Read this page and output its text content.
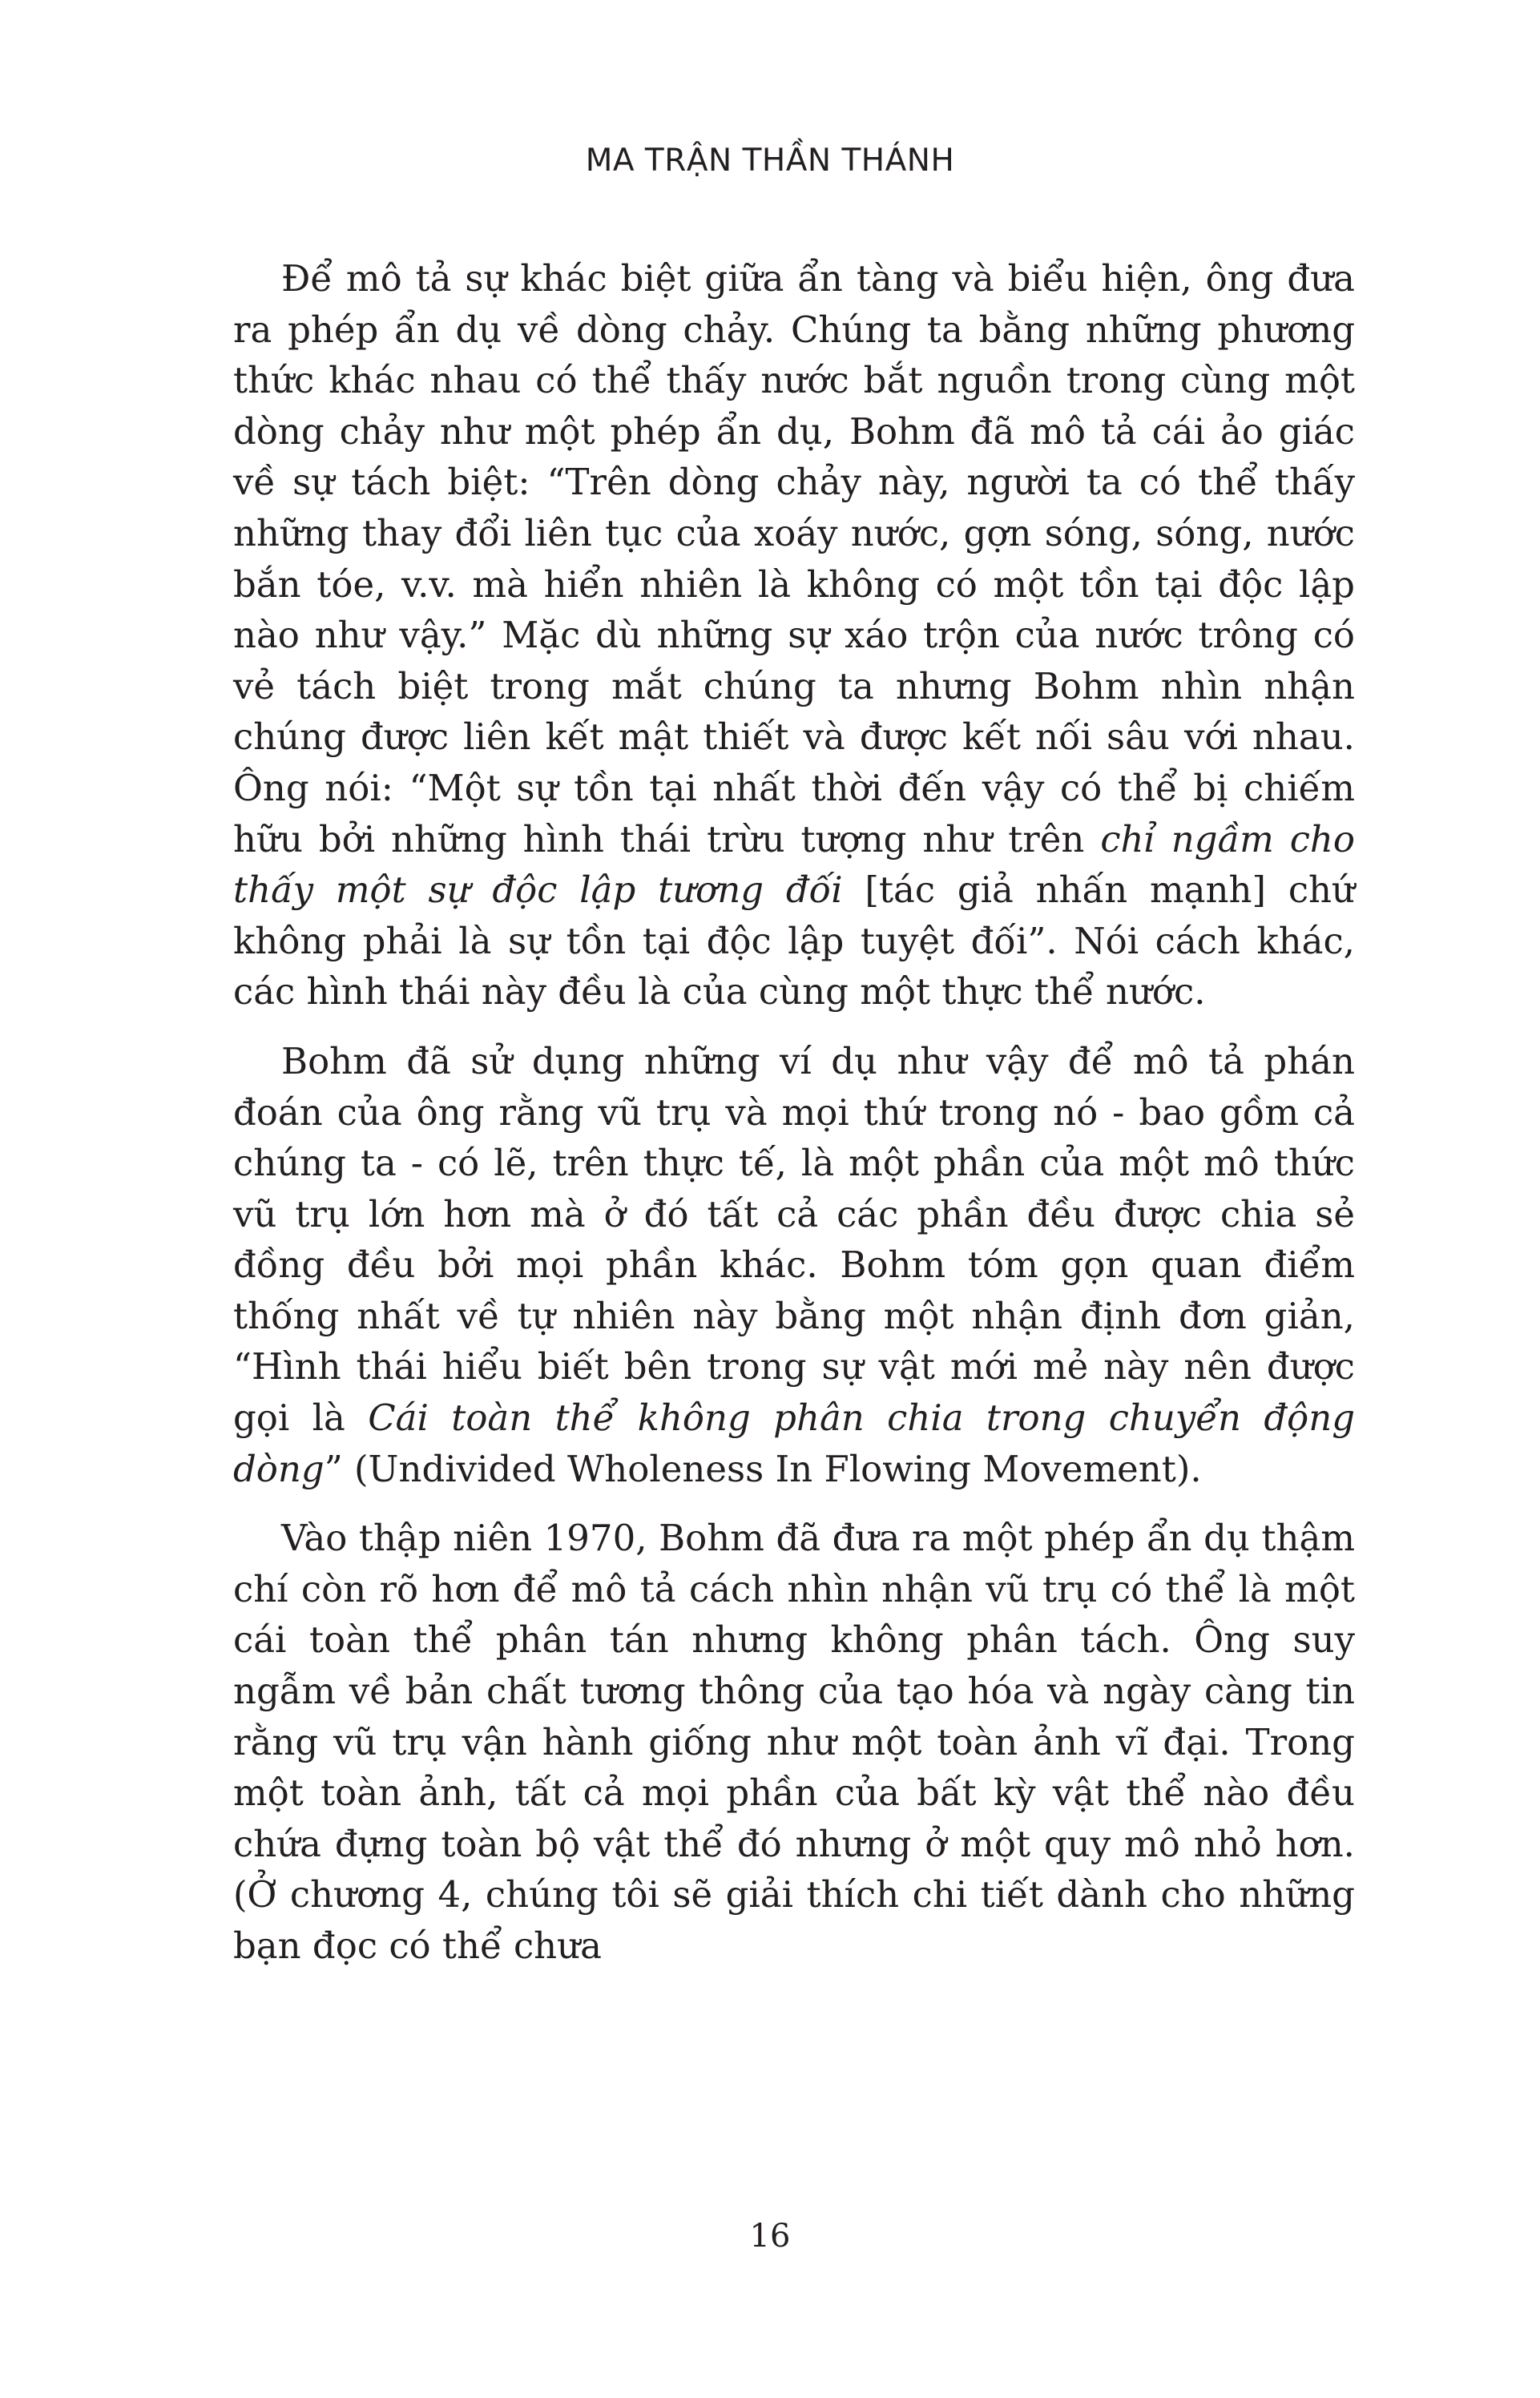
MA TRẬN THẦN THÁNH

Để mô tả sự khác biệt giữa ẩn tàng và biểu hiện, ông đưa ra phép ẩn dụ về dòng chảy. Chúng ta bằng những phương thức khác nhau có thể thấy nước bắt nguồn trong cùng một dòng chảy như một phép ẩn dụ, Bohm đã mô tả cái ảo giác về sự tách biệt: “Trên dòng chảy này, người ta có thể thấy những thay đổi liên tục của xoáy nước, gợn sóng, sóng, nước bắn tóe, v.v. mà hiển nhiên là không có một tồn tại độc lập nào như vậy.” Mặc dù những sự xáo trộn của nước trông có vẻ tách biệt trong mắt chúng ta nhưng Bohm nhìn nhận chúng được liên kết mật thiết và được kết nối sâu với nhau. Ông nói: “Một sự tồn tại nhất thời đến vậy có thể bị chiếm hữu bởi những hình thái trừu tượng như trên chỉ ngầm cho thấy một sự độc lập tương đối [tác giả nhấn mạnh] chứ không phải là sự tồn tại độc lập tuyệt đối”. Nói cách khác, các hình thái này đều là của cùng một thực thể nước.

Bohm đã sử dụng những ví dụ như vậy để mô tả phán đoán của ông rằng vũ trụ và mọi thứ trong nó - bao gồm cả chúng ta - có lẽ, trên thực tế, là một phần của một mô thức vũ trụ lớn hơn mà ở đó tất cả các phần đều được chia sẻ đồng đều bởi mọi phần khác. Bohm tóm gọn quan điểm thống nhất về tự nhiên này bằng một nhận định đơn giản, “Hình thái hiểu biết bên trong sự vật mới mẻ này nên được gọi là Cái toàn thể không phân chia trong chuyển động dòng” (Undivided Wholeness In Flowing Movement).

Vào thập niên 1970, Bohm đã đưa ra một phép ẩn dụ thậm chí còn rõ hơn để mô tả cách nhìn nhận vũ trụ có thể là một cái toàn thể phân tán nhưng không phân tách. Ông suy ngẫm về bản chất tương thông của tạo hóa và ngày càng tin rằng vũ trụ vận hành giống như một toàn ảnh vĩ đại. Trong một toàn ảnh, tất cả mọi phần của bất kỳ vật thể nào đều chứa đựng toàn bộ vật thể đó nhưng ở một quy mô nhỏ hơn. (Ở chương 4, chúng tôi sẽ giải thích chi tiết dành cho những bạn đọc có thể chưa

16
